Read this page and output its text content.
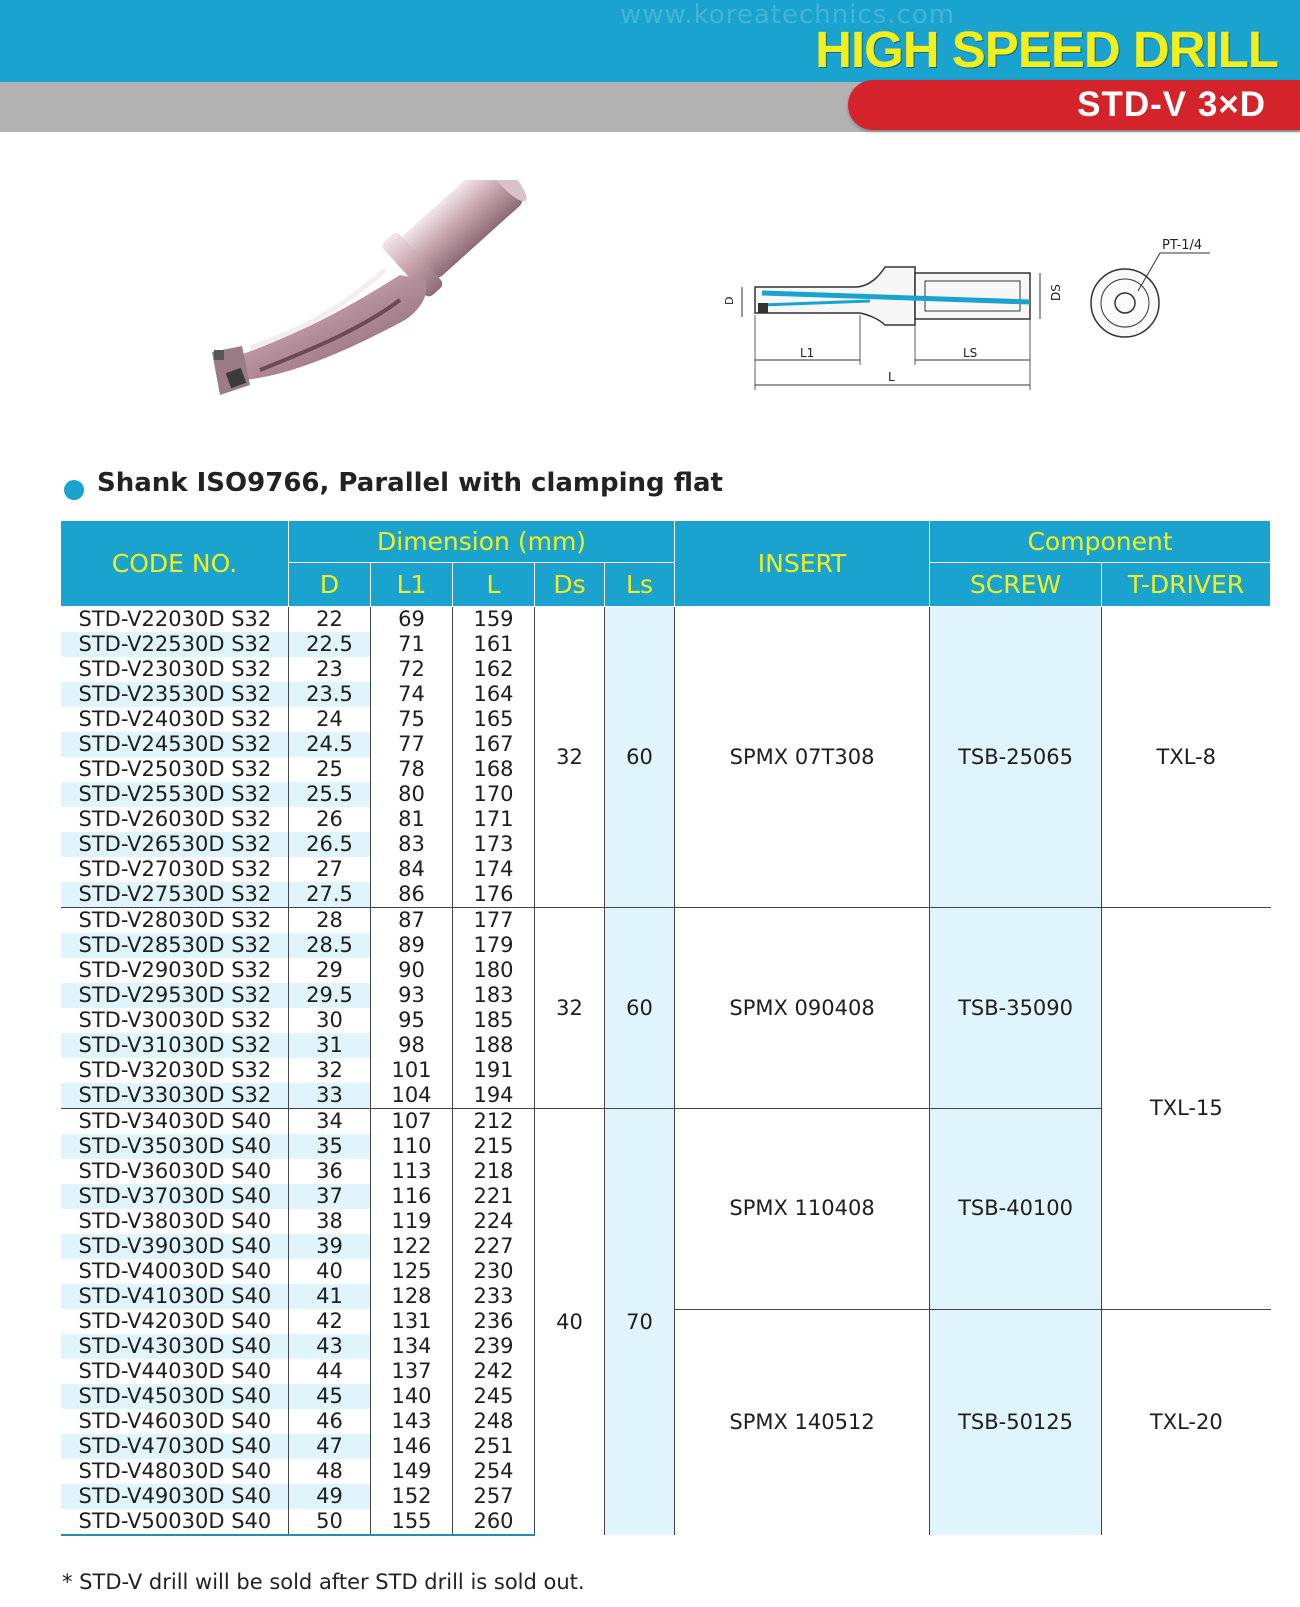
www.koreatechnics.com
HIGH SPEED DRILL
STD-V 3×D
D	DS
L1	LS
L
PT-1/4
Shank ISO9766, Parallel with clamping flat
CODE NO.	Dimension (mm)					INSERT	Component	
	D	L1	L	Ds	Ls		SCREW	T-DRIVER
STD-V22030D S32	22	69	159	32	60	SPMX 07T308	TSB-25065	TXL-8
STD-V22530D S32	22.5	71	161					
STD-V23030D S32	23	72	162					
STD-V23530D S32	23.5	74	164					
STD-V24030D S32	24	75	165					
STD-V24530D S32	24.5	77	167					
STD-V25030D S32	25	78	168					
STD-V25530D S32	25.5	80	170					
STD-V26030D S32	26	81	171					
STD-V26530D S32	26.5	83	173					
STD-V27030D S32	27	84	174					
STD-V27530D S32	27.5	86	176					
STD-V28030D S32	28	87	177	32	60	SPMX 090408	TSB-35090	TXL-15
STD-V28530D S32	28.5	89	179					
STD-V29030D S32	29	90	180					
STD-V29530D S32	29.5	93	183					
STD-V30030D S32	30	95	185					
STD-V31030D S32	31	98	188					
STD-V32030D S32	32	101	191					
STD-V33030D S32	33	104	194					
STD-V34030D S40	34	107	212	40	70	SPMX 110408	TSB-40100	
STD-V35030D S40	35	110	215					
STD-V36030D S40	36	113	218					
STD-V37030D S40	37	116	221					
STD-V38030D S40	38	119	224					
STD-V39030D S40	39	122	227					
STD-V40030D S40	40	125	230					
STD-V41030D S40	41	128	233					
STD-V42030D S40	42	131	236			SPMX 140512	TSB-50125	TXL-20
STD-V43030D S40	43	134	239					
STD-V44030D S40	44	137	242					
STD-V45030D S40	45	140	245					
STD-V46030D S40	46	143	248					
STD-V47030D S40	47	146	251					
STD-V48030D S40	48	149	254					
STD-V49030D S40	49	152	257					
STD-V50030D S40	50	155	260					
* STD-V drill will be sold after STD drill is sold out.
